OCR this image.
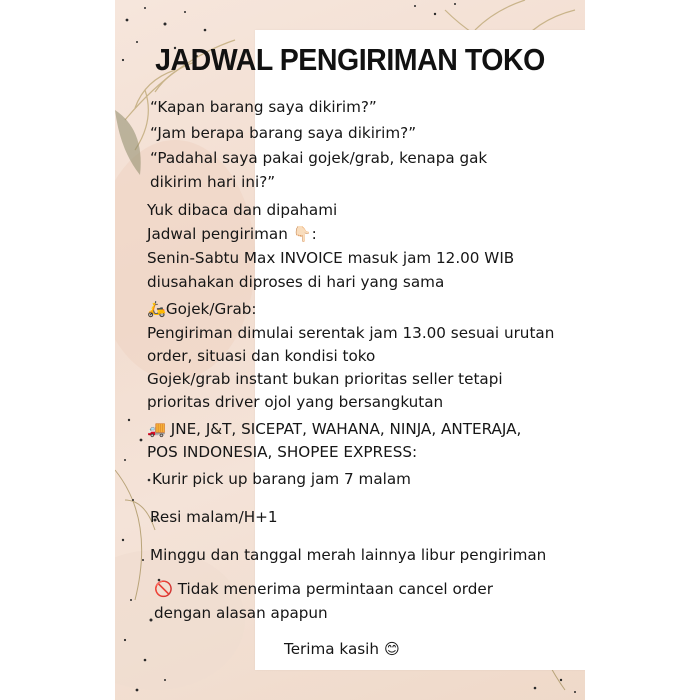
JADWAL PENGIRIMAN TOKO
“Kapan barang saya dikirim?”
“Jam berapa barang saya dikirim?”
“Padahal saya pakai gojek/grab, kenapa gak
dikirim hari ini?”
Yuk dibaca dan dipahami
Jadwal pengiriman 👇🏻:
Senin-Sabtu Max INVOICE masuk jam 12.00 WIB
diusahakan diproses di hari yang sama
🛵Gojek/Grab:
Pengiriman dimulai serentak jam 13.00 sesuai urutan
order, situasi dan kondisi toko
Gojek/grab instant bukan prioritas seller tetapi
prioritas driver ojol yang bersangkutan
🚚 JNE, J&T, SICEPAT, WAHANA, NINJA, ANTERAJA,
POS INDONESIA, SHOPEE EXPRESS:
Kurir pick up barang jam 7 malam
Resi malam/H+1
Minggu dan tanggal merah lainnya libur pengiriman
🚫 Tidak menerima permintaan cancel order
dengan alasan apapun
Terima kasih 😊
